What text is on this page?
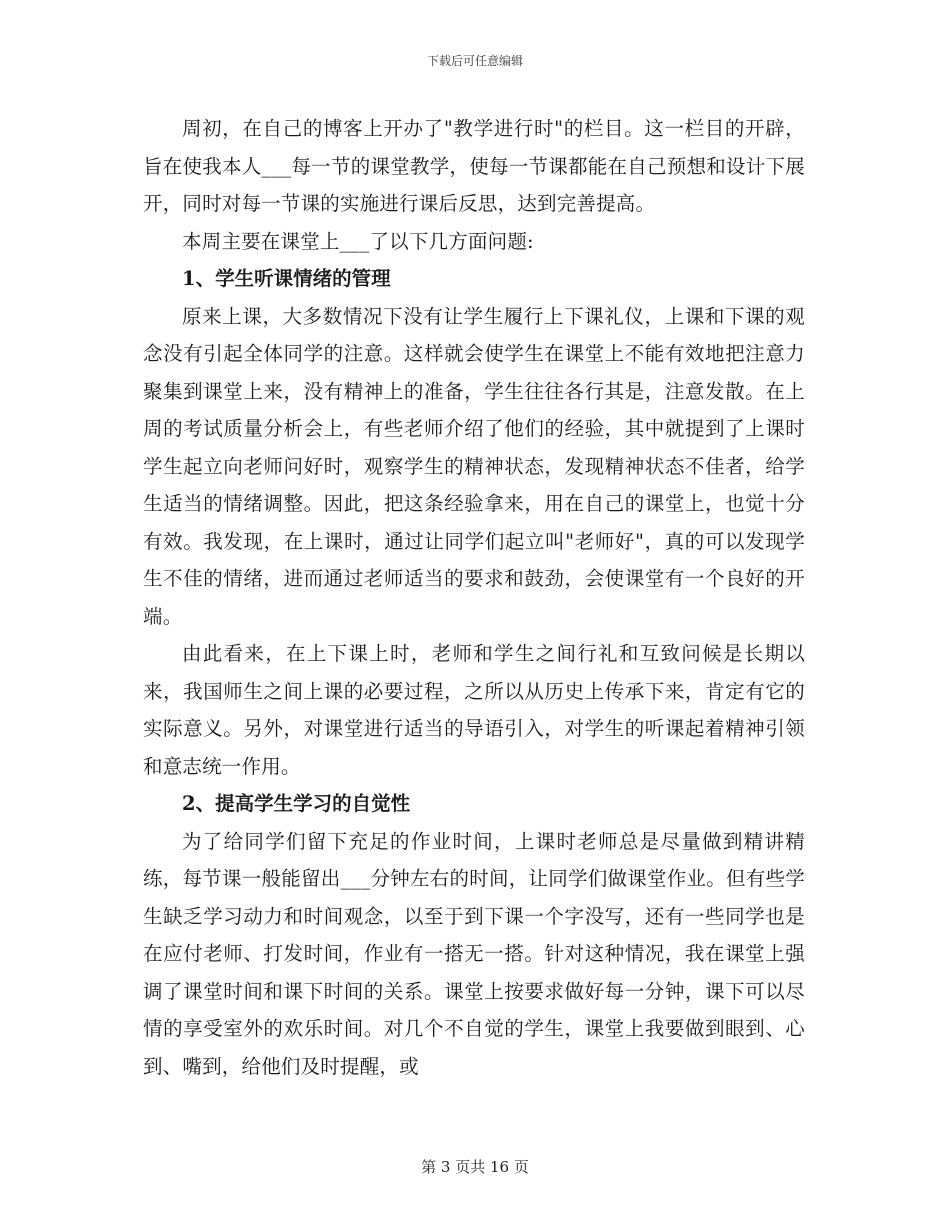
下载后可任意编辑

周初，在自己的博客上开办了"教学进行时"的栏目。这一栏目的开辟，旨在使我本人___每一节的课堂教学，使每一节课都能在自己预想和设计下展开，同时对每一节课的实施进行课后反思，达到完善提高。

本周主要在课堂上___了以下几方面问题:

1、学生听课情绪的管理

原来上课，大多数情况下没有让学生履行上下课礼仪，上课和下课的观念没有引起全体同学的注意。这样就会使学生在课堂上不能有效地把注意力聚集到课堂上来，没有精神上的准备，学生往往各行其是，注意发散。在上周的考试质量分析会上，有些老师介绍了他们的经验，其中就提到了上课时学生起立向老师问好时，观察学生的精神状态，发现精神状态不佳者，给学生适当的情绪调整。因此，把这条经验拿来，用在自己的课堂上，也觉十分有效。我发现，在上课时，通过让同学们起立叫"老师好"，真的可以发现学生不佳的情绪，进而通过老师适当的要求和鼓劲，会使课堂有一个良好的开端。

由此看来，在上下课上时，老师和学生之间行礼和互致问候是长期以来，我国师生之间上课的必要过程，之所以从历史上传承下来，肯定有它的实际意义。另外，对课堂进行适当的导语引入，对学生的听课起着精神引领和意志统一作用。

2、提高学生学习的自觉性

为了给同学们留下充足的作业时间，上课时老师总是尽量做到精讲精练，每节课一般能留出___分钟左右的时间，让同学们做课堂作业。但有些学生缺乏学习动力和时间观念，以至于到下课一个字没写，还有一些同学也是在应付老师、打发时间，作业有一搭无一搭。针对这种情况，我在课堂上强调了课堂时间和课下时间的关系。课堂上按要求做好每一分钟，课下可以尽情的享受室外的欢乐时间。对几个不自觉的学生，课堂上我要做到眼到、心到、嘴到，给他们及时提醒，或

第 3 页共 16 页
